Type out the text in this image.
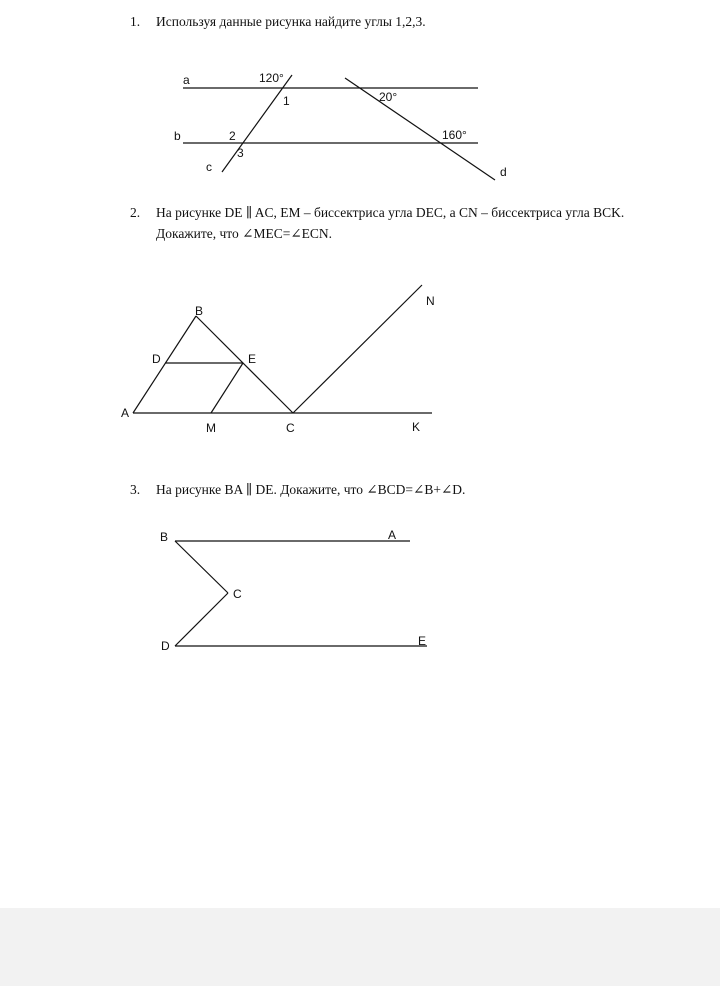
1. Используя данные рисунка найдите углы 1,2,3.
2. На рисунке DE ∥ AC, EM – биссектриса угла DEC, а CN – биссектриса угла BCK.
Докажите, что ∠MEC=∠ECN.
3. На рисунке BA ∥ DE. Докажите, что ∠BCD=∠B+∠D.
a
b
c	d
120°
20°
160°
1
2
3
A
B
D	E
M	C	K
N
B	A
C
D	E
